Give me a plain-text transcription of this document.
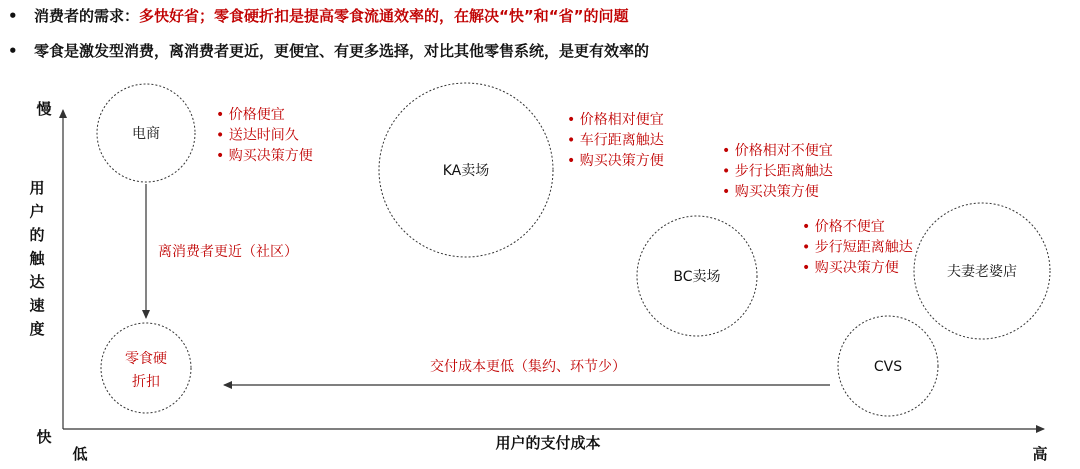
• 消费者的需求：多快好省；零食硬折扣是提高零食流通效率的，在解决“快”和“省”的问题
• 零食是激发型消费，离消费者更近，更便宜、有更多选择，对比其他零售系统，是更有效率的
慢
快
用
户
的
触
达
速
度
用户的支付成本
低	高
电商
KA卖场
BC卖场	夫妻老婆店
CVS
零食硬
折扣
• 价格便宜
• 送达时间久
• 购买决策方便
• 价格相对便宜
• 车行距离触达
• 购买决策方便
• 价格相对不便宜
• 步行长距离触达
• 购买决策方便
• 价格不便宜
• 步行短距离触达
• 购买决策方便
离消费者更近（社区）
交付成本更低（集约、环节少）
